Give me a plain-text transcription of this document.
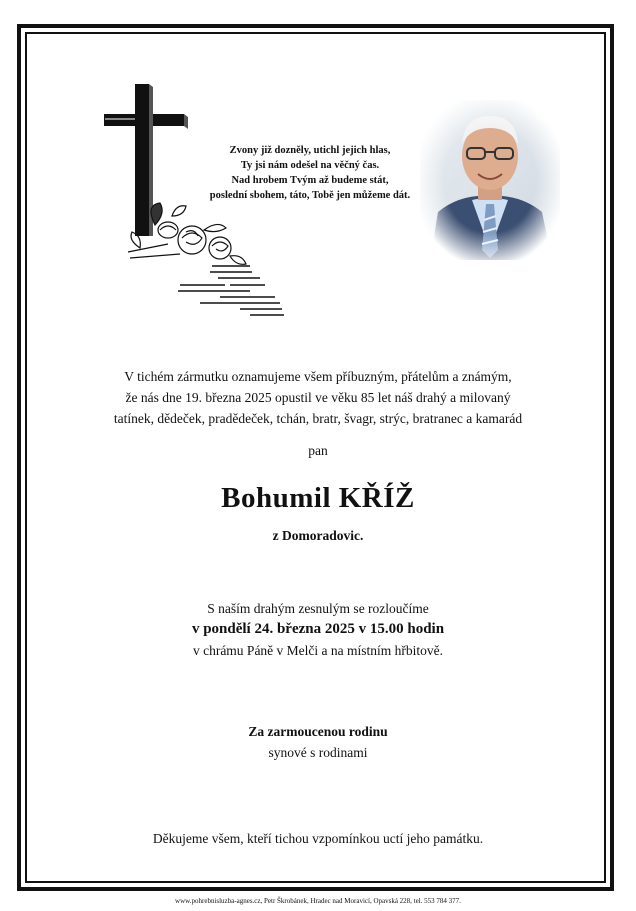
Zvony již dozněly, utichl jejich hlas,
Ty jsi nám odešel na věčný čas.
Nad hrobem Tvým až budeme stát,
poslední sbohem, táto, Tobě jen můžeme dát.
V tichém zármutku oznamujeme všem příbuzným, přátelům a známým,
že nás dne 19. března 2025 opustil ve věku 85 let náš drahý a milovaný
tatínek, dědeček, pradědeček, tchán, bratr, švagr, strýc, bratranec a kamarád
pan
Bohumil KŘÍŽ
z Domoradovic.
S naším drahým zesnulým se rozloučíme
v pondělí 24. března 2025 v 15.00 hodin
v chrámu Páně v Melči a na místním hřbitově.
Za zarmoucenou rodinu
synové s rodinami
Děkujeme všem, kteří tichou vzpomínkou uctí jeho památku.
www.pohrebnisluzba-agnes.cz, Petr Škrobánek, Hradec nad Moravicí, Opavská 228, tel. 553 784 377.
